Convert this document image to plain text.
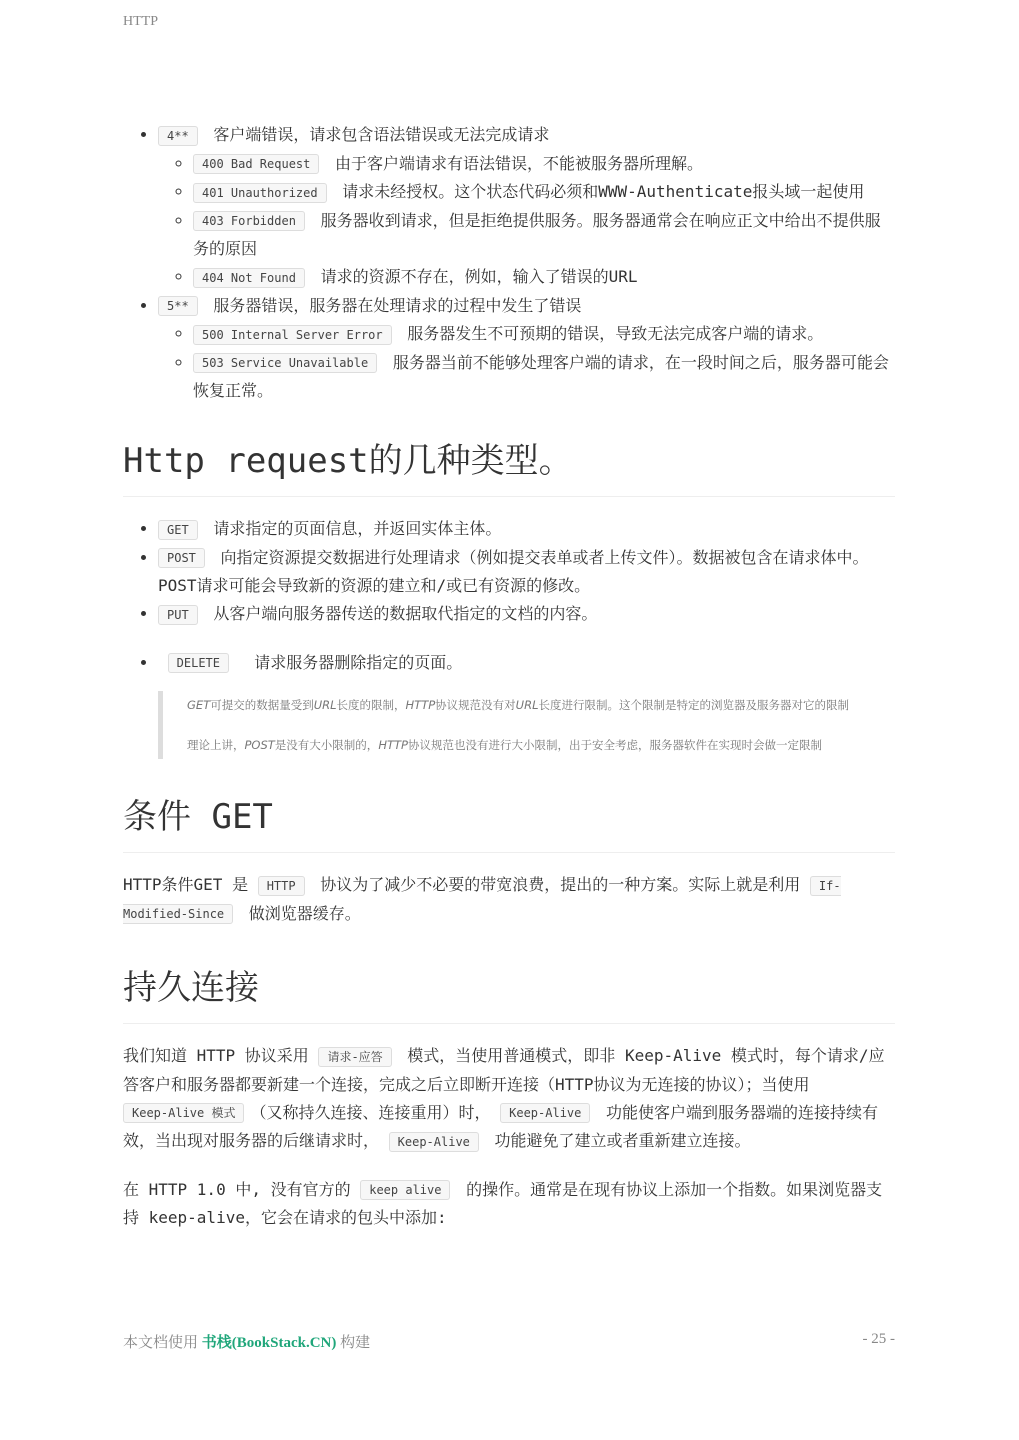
HTTP
• 4** 客户端错误，请求包含语法错误或无法完成请求
◦ 400 Bad Request 由于客户端请求有语法错误，不能被服务器所理解。
◦ 401 Unauthorized 请求未经授权。这个状态代码必须和WWW-Authenticate报头域一起使用
◦ 403 Forbidden 服务器收到请求，但是拒绝提供服务。服务器通常会在响应正文中给出不提供服务的原因
◦ 404 Not Found 请求的资源不存在，例如，输入了错误的URL
• 5** 服务器错误，服务器在处理请求的过程中发生了错误
◦ 500 Internal Server Error 服务器发生不可预期的错误，导致无法完成客户端的请求。
◦ 503 Service Unavailable 服务器当前不能够处理客户端的请求，在一段时间之后，服务器可能会恢复正常。
Http request的几种类型。
• GET 请求指定的页面信息，并返回实体主体。
• POST 向指定资源提交数据进行处理请求（例如提交表单或者上传文件）。数据被包含在请求体中。POST请求可能会导致新的资源的建立和/或已有资源的修改。
• PUT 从客户端向服务器传送的数据取代指定的文档的内容。
• DELETE 请求服务器删除指定的页面。

GET可提交的数据量受到URL长度的限制，HTTP协议规范没有对URL长度进行限制。这个限制是特定的浏览器及服务器对它的限制

理论上讲，POST是没有大小限制的，HTTP协议规范也没有进行大小限制，出于安全考虑，服务器软件在实现时会做一定限制

条件 GET

HTTP条件GET 是 HTTP 协议为了减少不必要的带宽浪费，提出的一种方案。实际上就是利用 If-Modified-Since 做浏览器缓存。

持久连接

我们知道 HTTP 协议采用 请求-应答 模式，当使用普通模式，即非 Keep-Alive 模式时，每个请求/应答客户和服务器都要新建一个连接，完成之后立即断开连接（HTTP协议为无连接的协议）；当使用 Keep-Alive 模式 （又称持久连接、连接重用）时， Keep-Alive 功能使客户端到服务器端的连接持续有效，当出现对服务器的后继请求时， Keep-Alive 功能避免了建立或者重新建立连接。

在 HTTP 1.0 中, 没有官方的 keep alive 的操作。通常是在现有协议上添加一个指数。如果浏览器支持 keep-alive，它会在请求的包头中添加:

本文档使用 书栈(BookStack.CN) 构建	- 25 -
